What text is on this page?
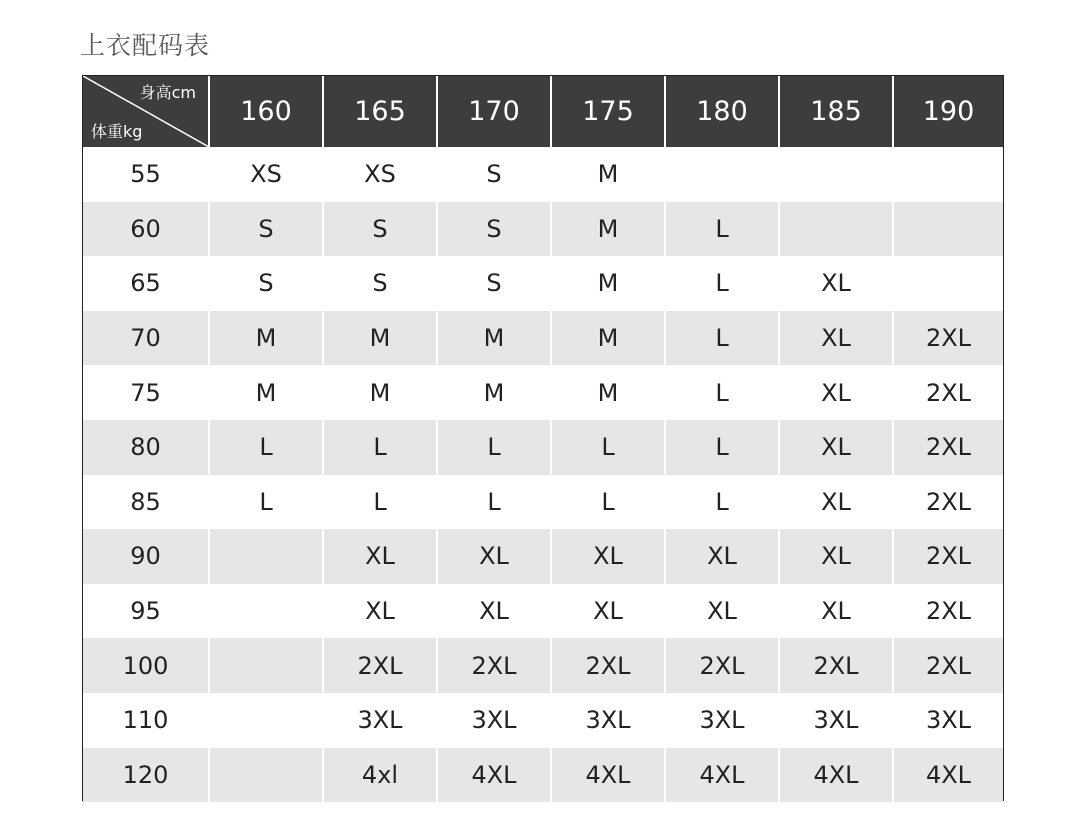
上衣配码表
身高cm
体重kg	160	165	170	175	180	185	190
55	XS	XS	S	M			
60	S	S	S	M	L		
65	S	S	S	M	L	XL	
70	M	M	M	M	L	XL	2XL
75	M	M	M	M	L	XL	2XL
80	L	L	L	L	L	XL	2XL
85	L	L	L	L	L	XL	2XL
90		XL	XL	XL	XL	XL	2XL
95		XL	XL	XL	XL	XL	2XL
100		2XL	2XL	2XL	2XL	2XL	2XL
110		3XL	3XL	3XL	3XL	3XL	3XL
120		4xl	4XL	4XL	4XL	4XL	4XL
